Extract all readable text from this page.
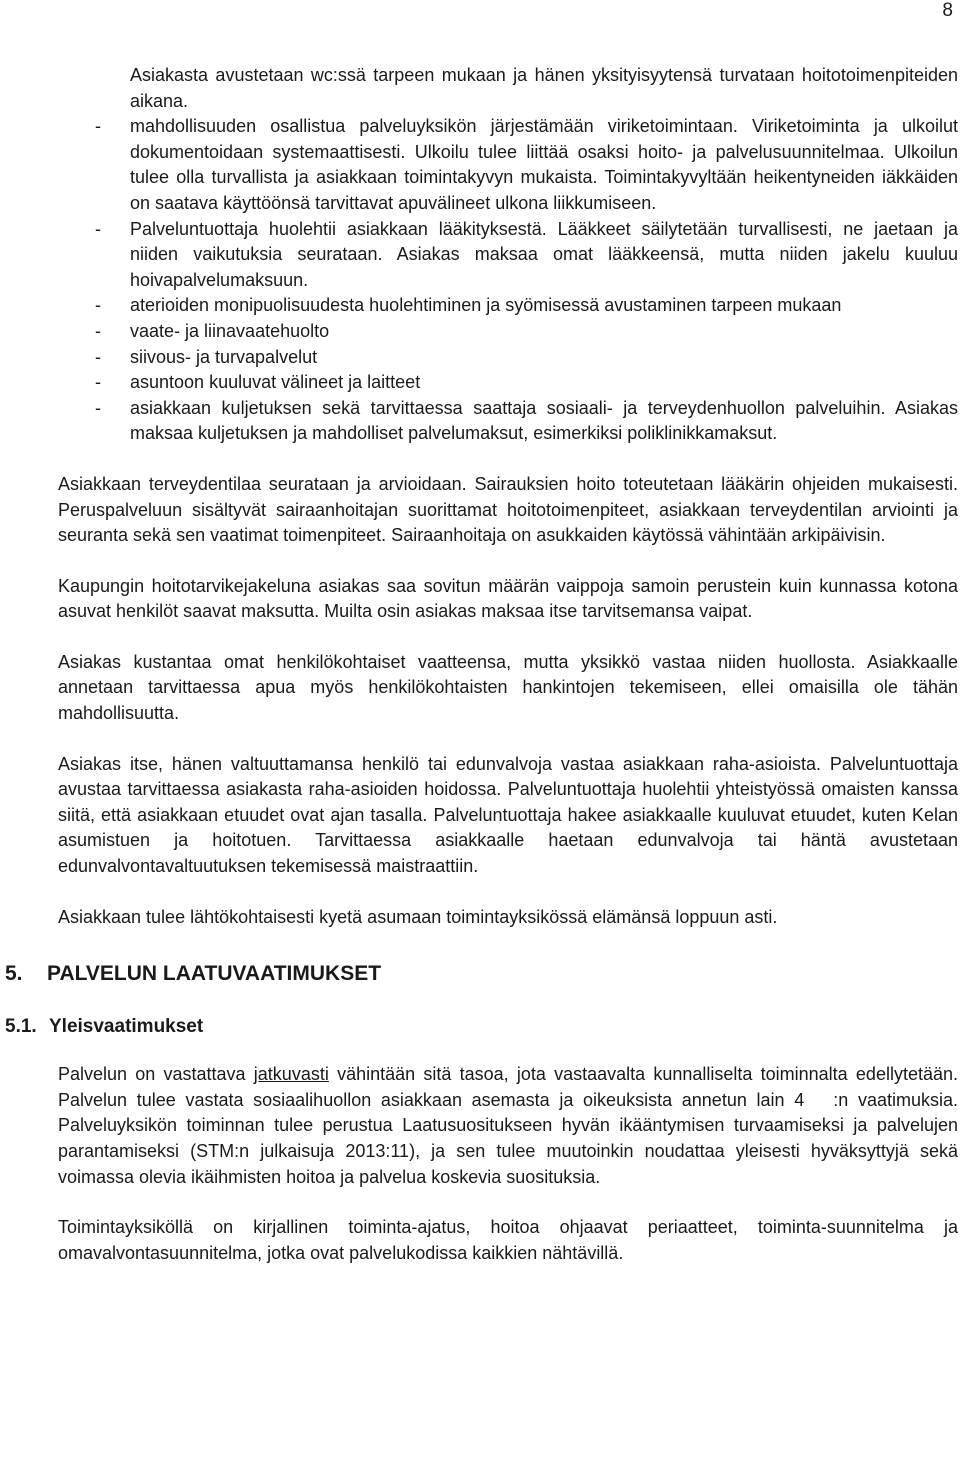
8

Asiakasta avustetaan wc:ssä tarpeen mukaan ja hänen yksityisyytensä turvataan hoitotoimenpiteiden aikana.

-	mahdollisuuden osallistua palveluyksikön järjestämään viriketoimintaan. Viriketoiminta ja ulkoilut dokumentoidaan systemaattisesti. Ulkoilu tulee liittää osaksi hoito- ja palvelusuunnitelmaa. Ulkoilun tulee olla turvallista ja asiakkaan toimintakyvyn mukaista. Toimintakyvyltään heikentyneiden iäkkäiden on saatava käyttöönsä tarvittavat apuvälineet ulkona liikkumiseen.
-	Palveluntuottaja huolehtii asiakkaan lääkityksestä. Lääkkeet säilytetään turvallisesti, ne jaetaan ja niiden vaikutuksia seurataan. Asiakas maksaa omat lääkkeensä, mutta niiden jakelu kuuluu hoivapalvelumaksuun.
-	aterioiden monipuolisuudesta huolehtiminen ja syömisessä avustaminen tarpeen mukaan
-	vaate- ja liinavaatehuolto
-	siivous- ja turvapalvelut
-	asuntoon kuuluvat välineet ja laitteet
-	asiakkaan kuljetuksen sekä tarvittaessa saattaja sosiaali- ja terveydenhuollon palveluihin. Asiakas maksaa kuljetuksen ja mahdolliset palvelumaksut, esimerkiksi poliklinikkamaksut.

Asiakkaan terveydentilaa seurataan ja arvioidaan. Sairauksien hoito toteutetaan lääkärin ohjeiden mukaisesti. Peruspalveluun sisältyvät sairaanhoitajan suorittamat hoitotoimenpiteet, asiakkaan terveydentilan arviointi ja seuranta sekä sen vaatimat toimenpiteet. Sairaanhoitaja on asukkaiden käytössä vähintään arkipäivisin.

Kaupungin hoitotarvikejakeluna asiakas saa sovitun määrän vaippoja samoin perustein kuin kunnassa kotona asuvat henkilöt saavat maksutta. Muilta osin asiakas maksaa itse tarvitsemansa vaipat.

Asiakas kustantaa omat henkilökohtaiset vaatteensa, mutta yksikkö vastaa niiden huollosta. Asiakkaalle annetaan tarvittaessa apua myös henkilökohtaisten hankintojen tekemiseen, ellei omaisilla ole tähän mahdollisuutta.

Asiakas itse, hänen valtuuttamansa henkilö tai edunvalvoja vastaa asiakkaan raha-asioista. Palveluntuottaja avustaa tarvittaessa asiakasta raha-asioiden hoidossa. Palveluntuottaja huolehtii yhteistyössä omaisten kanssa siitä, että asiakkaan etuudet ovat ajan tasalla. Palveluntuottaja hakee asiakkaalle kuuluvat etuudet, kuten Kelan asumistuen ja hoitotuen. Tarvittaessa asiakkaalle haetaan edunvalvoja tai häntä avustetaan edunvalvontavaltuutuksen tekemisessä maistraattiin.

Asiakkaan tulee lähtökohtaisesti kyetä asumaan toimintayksikössä elämänsä loppuun asti.

5. PALVELUN LAATUVAATIMUKSET
5.1. Yleisvaatimukset

Palvelun on vastattava jatkuvasti vähintään sitä tasoa, jota vastaavalta kunnalliselta toiminnalta edellytetään. Palvelun tulee vastata sosiaalihuollon asiakkaan asemasta ja oikeuksista annetun lain 4   :n vaatimuksia. Palveluyksikön toiminnan tulee perustua Laatusuositukseen hyvän ikääntymisen turvaamiseksi ja palvelujen parantamiseksi (STM:n julkaisuja 2013:11), ja sen tulee muutoinkin noudattaa yleisesti hyväksyttyjä sekä voimassa olevia ikäihmisten hoitoa ja palvelua koskevia suosituksia.

Toimintayksiköllä on kirjallinen toiminta-ajatus, hoitoa ohjaavat periaatteet, toiminta-suunnitelma ja omavalvontasuunnitelma, jotka ovat palvelukodissa kaikkien nähtävillä.
